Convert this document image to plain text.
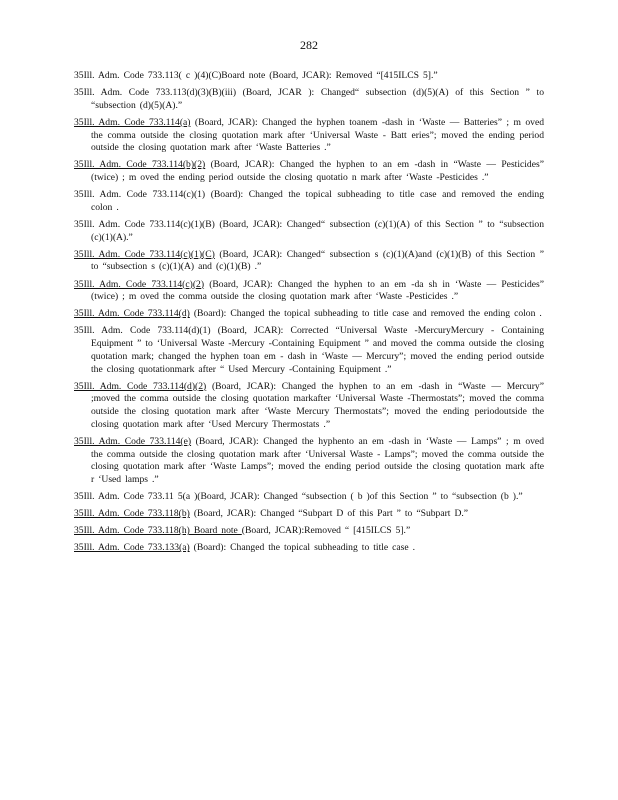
282

35Ill. Adm. Code 733.113( c )(4)(C)Board note (Board, JCAR): Removed “[415ILCS 5].”

35Ill. Adm. Code 733.113(d)(3)(B)(iii) (Board, JCAR ): Changed“ subsection (d)(5)(A) of this Section ” to “subsection (d)(5)(A).”

35Ill. Adm. Code 733.114(a) (Board, JCAR): Changed the hyphen toanem -dash in ‘Waste — Batteries” ; m oved the comma outside the closing quotation mark after ‘Universal Waste - Batt eries”; moved the ending period outside the closing quotation mark after ‘Waste Batteries .”

35Ill. Adm. Code 733.114(b)(2) (Board, JCAR): Changed the hyphen to an em -dash in “Waste — Pesticides” (twice) ; m oved the ending period outside the closing quotatio n mark after ‘Waste -Pesticides .”

35Ill. Adm. Code 733.114(c)(1) (Board): Changed the topical subheading to title case and removed the ending colon .

35Ill. Adm. Code 733.114(c)(1)(B) (Board, JCAR): Changed“ subsection (c)(1)(A) of this Section ” to “subsection (c)(1)(A).”

35Ill. Adm. Code 733.114(c)(1)(C) (Board, JCAR): Changed“ subsection s (c)(1)(A)and (c)(1)(B) of this Section ” to “subsection s (c)(1)(A) and (c)(1)(B) .”

35Ill. Adm. Code 733.114(c)(2) (Board, JCAR): Changed the hyphen to an em -da sh in ‘Waste — Pesticides” (twice) ; m oved the comma outside the closing quotation mark after ‘Waste -Pesticides .”

35Ill. Adm. Code 733.114(d) (Board): Changed the topical subheading to title case and removed the ending colon .

35Ill. Adm. Code 733.114(d)(1) (Board, JCAR): Corrected “Universal Waste -MercuryMercury - Containing Equipment ” to ‘Universal Waste -Mercury -Containing Equipment ” and moved the comma outside the closing quotation mark; changed the hyphen toan em - dash in ‘Waste — Mercury”; moved the ending period outside the closing quotationmark after “ Used Mercury -Containing Equipment .”

35Ill. Adm. Code 733.114(d)(2) (Board, JCAR): Changed the hyphen to an em -dash in “Waste — Mercury” ;moved the comma outside the closing quotation markafter ‘Universal Waste -Thermostats”; moved the comma outside the closing quotation mark after ‘Waste Mercury Thermostats”; moved the ending periodoutside the closing quotation mark after ‘Used Mercury Thermostats .”

35Ill. Adm. Code 733.114(e) (Board, JCAR): Changed the hyphento an em -dash in ‘Waste — Lamps” ; m oved the comma outside the closing quotation mark after ‘Universal Waste - Lamps”; moved the comma outside the closing quotation mark after ‘Waste Lamps”; moved the ending period outside the closing quotation mark afte r ‘Used lamps .”

35Ill. Adm. Code 733.11 5(a )(Board, JCAR): Changed “subsection ( b )of this Section ” to “subsection (b ).”

35Ill. Adm. Code 733.118(b) (Board, JCAR): Changed “Subpart D of this Part ” to “Subpart D.”

35Ill. Adm. Code 733.118(h) Board note (Board, JCAR):Removed “ [415ILCS 5].”

35Ill. Adm. Code 733.133(a) (Board): Changed the topical subheading to title case .
